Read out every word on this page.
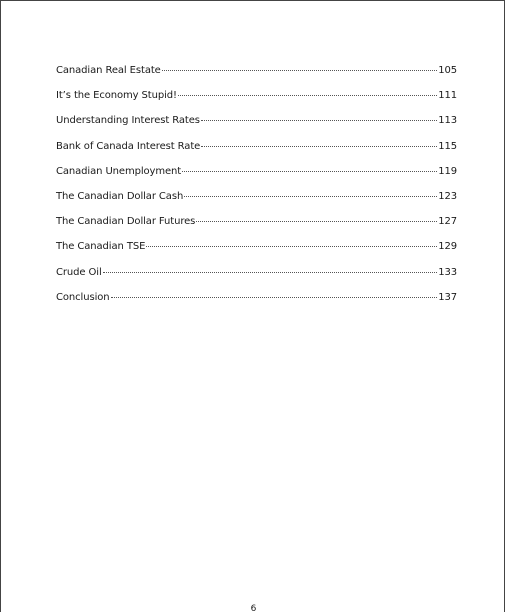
Canadian Real Estate	105
It’s the Economy Stupid!	111
Understanding Interest Rates	113
Bank of Canada Interest Rate	115
Canadian Unemployment	119
The Canadian Dollar Cash	123
The Canadian Dollar Futures	127
The Canadian TSE	129
Crude Oil	133
Conclusion	137
6
